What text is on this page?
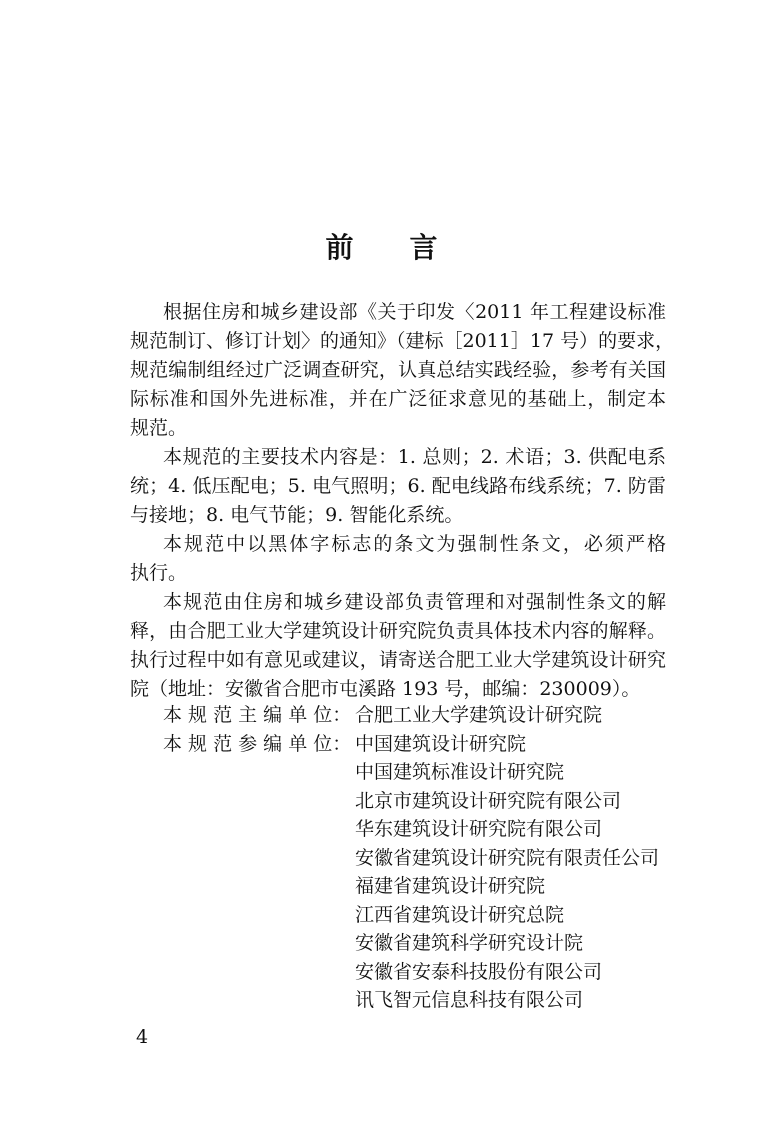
前 言
根据住房和城乡建设部《关于印发〈2011 年工程建设标准
规范制订、修订计划〉的通知》（建标［2011］17 号）的要求，
规范编制组经过广泛调查研究，认真总结实践经验，参考有关国
际标准和国外先进标准，并在广泛征求意见的基础上，制定本
规范。
本规范的主要技术内容是：1. 总则；2. 术语；3. 供配电系
统；4. 低压配电；5. 电气照明；6. 配电线路布线系统；7. 防雷
与接地；8. 电气节能；9. 智能化系统。
本规范中以黑体字标志的条文为强制性条文，必须严格
执行。
本规范由住房和城乡建设部负责管理和对强制性条文的解
释，由合肥工业大学建筑设计研究院负责具体技术内容的解释。
执行过程中如有意见或建议，请寄送合肥工业大学建筑设计研究
院（地址：安徽省合肥市屯溪路 193 号，邮编：230009）。
本 规 范 主 编 单 位： 合肥工业大学建筑设计研究院
本 规 范 参 编 单 位： 中国建筑设计研究院
中国建筑标准设计研究院
北京市建筑设计研究院有限公司
华东建筑设计研究院有限公司
安徽省建筑设计研究院有限责任公司
福建省建筑设计研究院
江西省建筑设计研究总院
安徽省建筑科学研究设计院
安徽省安泰科技股份有限公司
讯飞智元信息科技有限公司
4
